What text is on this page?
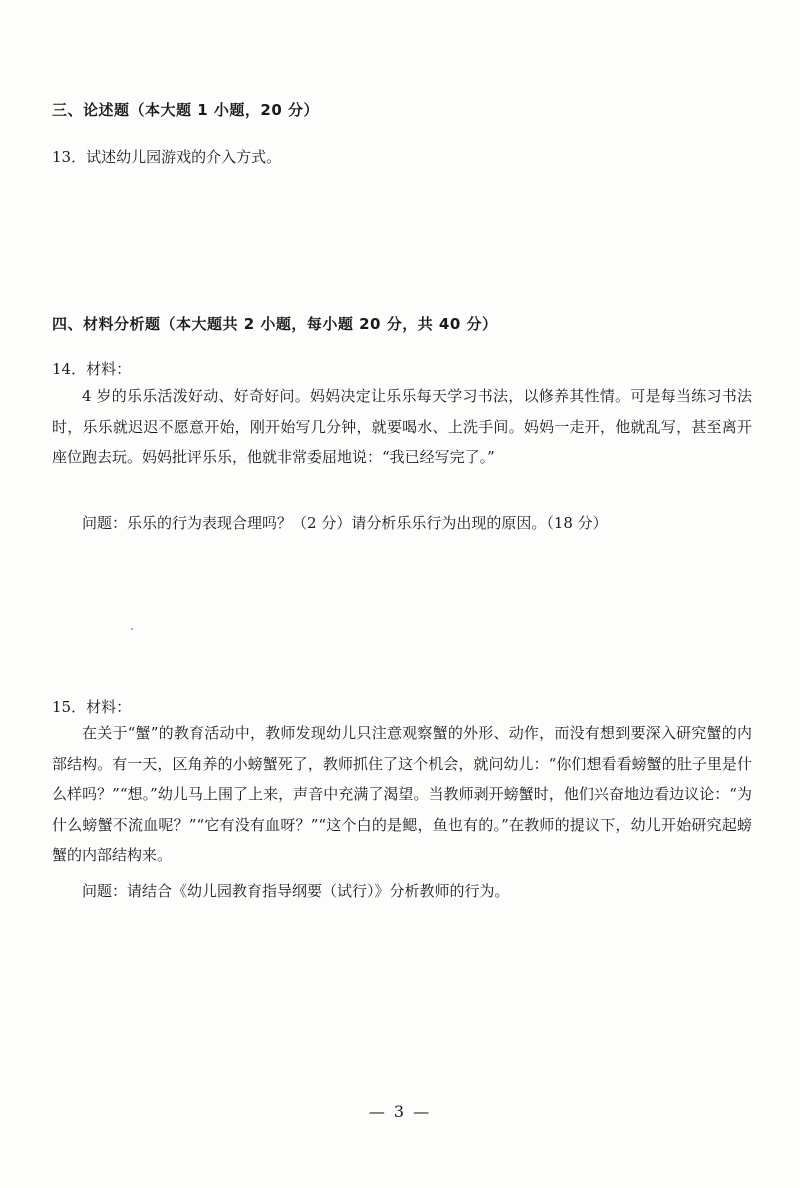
三、论述题（本大题 1 小题，20 分）
13．试述幼儿园游戏的介入方式。
四、材料分析题（本大题共 2 小题，每小题 20 分，共 40 分）
14．材料：

4 岁的乐乐活泼好动、好奇好问。妈妈决定让乐乐每天学习书法，以修养其性情。可是每当练习书法时，乐乐就迟迟不愿意开始，刚开始写几分钟，就要喝水、上洗手间。妈妈一走开，他就乱写，甚至离开座位跑去玩。妈妈批评乐乐，他就非常委屈地说：“我已经写完了。”

问题：乐乐的行为表现合理吗？（2 分）请分析乐乐行为出现的原因。（18 分）
15．材料：

在关于“蟹”的教育活动中，教师发现幼儿只注意观察蟹的外形、动作，而没有想到要深入研究蟹的内部结构。有一天，区角养的小螃蟹死了，教师抓住了这个机会，就问幼儿：“你们想看看螃蟹的肚子里是什么样吗？”“想。”幼儿马上围了上来，声音中充满了渴望。当教师剥开螃蟹时，他们兴奋地边看边议论：“为什么螃蟹不流血呢？”“它有没有血呀？”“这个白的是鳃，鱼也有的。”在教师的提议下，幼儿开始研究起螃蟹的内部结构来。

问题：请结合《幼儿园教育指导纲要（试行）》分析教师的行为。
— 3 —
